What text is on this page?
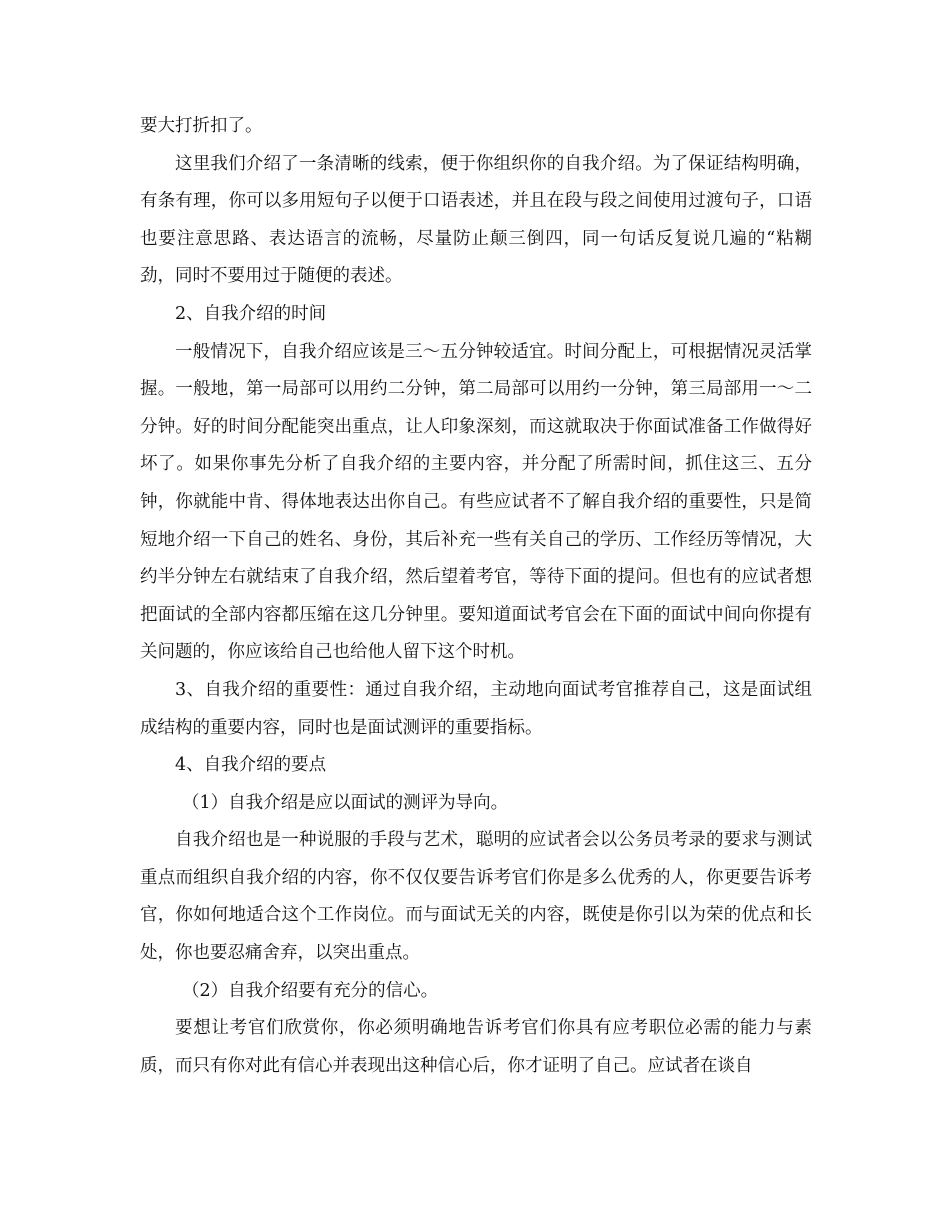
要大打折扣了。

这里我们介绍了一条清晰的线索，便于你组织你的自我介绍。为了保证结构明确，有条有理，你可以多用短句子以便于口语表述，并且在段与段之间使用过渡句子，口语也要注意思路、表达语言的流畅，尽量防止颠三倒四，同一句话反复说几遍的“粘糊劲，同时不要用过于随便的表述。

2、自我介绍的时间

一般情况下，自我介绍应该是三～五分钟较适宜。时间分配上，可根据情况灵活掌握。一般地，第一局部可以用约二分钟，第二局部可以用约一分钟，第三局部用一～二分钟。好的时间分配能突出重点，让人印象深刻，而这就取决于你面试准备工作做得好坏了。如果你事先分析了自我介绍的主要内容，并分配了所需时间，抓住这三、五分钟，你就能中肯、得体地表达出你自己。有些应试者不了解自我介绍的重要性，只是简短地介绍一下自己的姓名、身份，其后补充一些有关自己的学历、工作经历等情况，大约半分钟左右就结束了自我介绍，然后望着考官，等待下面的提问。但也有的应试者想把面试的全部内容都压缩在这几分钟里。要知道面试考官会在下面的面试中间向你提有关问题的，你应该给自己也给他人留下这个时机。

3、自我介绍的重要性：通过自我介绍，主动地向面试考官推荐自己，这是面试组成结构的重要内容，同时也是面试测评的重要指标。

4、自我介绍的要点

（1）自我介绍是应以面试的测评为导向。

自我介绍也是一种说服的手段与艺术，聪明的应试者会以公务员考录的要求与测试重点而组织自我介绍的内容，你不仅仅要告诉考官们你是多么优秀的人，你更要告诉考官，你如何地适合这个工作岗位。而与面试无关的内容，既使是你引以为荣的优点和长处，你也要忍痛舍弃，以突出重点。

（2）自我介绍要有充分的信心。

要想让考官们欣赏你，你必须明确地告诉考官们你具有应考职位必需的能力与素质，而只有你对此有信心并表现出这种信心后，你才证明了自己。应试者在谈自
